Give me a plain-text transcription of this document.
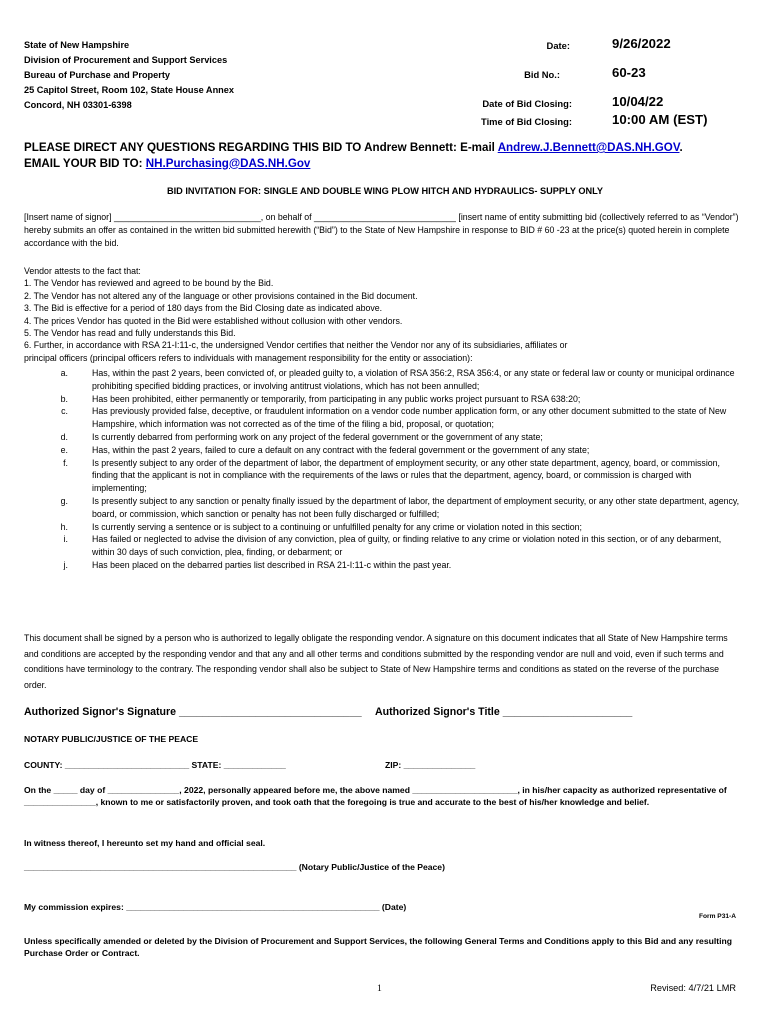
State of New Hampshire
Division of Procurement and Support Services
Bureau of Purchase and Property
25 Capitol Street, Room 102, State House Annex
Concord, NH 03301-6398
Date:	9/26/2022
Bid No.:	60-23
Date of Bid Closing:	10/04/22
Time of Bid Closing:	10:00 AM (EST)
PLEASE DIRECT ANY QUESTIONS REGARDING THIS BID TO Andrew Bennett: E-mail Andrew.J.Bennett@DAS.NH.GOV.
EMAIL YOUR BID TO: NH.Purchasing@DAS.NH.Gov
BID INVITATION FOR: SINGLE AND DOUBLE WING PLOW HITCH AND HYDRAULICS- SUPPLY ONLY
[Insert name of signor] ______________________________, on behalf of _____________________________ [insert name of entity submitting bid (collectively referred to as “Vendor”) hereby submits an offer as contained in the written bid submitted herewith (“Bid”) to the State of New Hampshire in response to BID # 60 -23 at the price(s) quoted herein in complete accordance with the bid.
Vendor attests to the fact that:
1. The Vendor has reviewed and agreed to be bound by the Bid.
2. The Vendor has not altered any of the language or other provisions contained in the Bid document.
3. The Bid is effective for a period of 180 days from the Bid Closing date as indicated above.
4. The prices Vendor has quoted in the Bid were established without collusion with other vendors.
5. The Vendor has read and fully understands this Bid.
6. Further, in accordance with RSA 21-I:11-c, the undersigned Vendor certifies that neither the Vendor nor any of its subsidiaries, affiliates or
principal officers (principal officers refers to individuals with management responsibility for the entity or association):
a.	Has, within the past 2 years, been convicted of, or pleaded guilty to, a violation of RSA 356:2, RSA 356:4, or any state or federal law or county or municipal ordinance prohibiting specified bidding practices, or involving antitrust violations, which has not been annulled;
b.	Has been prohibited, either permanently or temporarily, from participating in any public works project pursuant to RSA 638:20;
c.	Has previously provided false, deceptive, or fraudulent information on a vendor code number application form, or any other document submitted to the state of New Hampshire, which information was not corrected as of the time of the filing a bid, proposal, or quotation;
d.	Is currently debarred from performing work on any project of the federal government or the government of any state;
e.	Has, within the past 2 years, failed to cure a default on any contract with the federal government or the government of any state;
f.	Is presently subject to any order of the department of labor, the department of employment security, or any other state department, agency, board, or commission, finding that the applicant is not in compliance with the requirements of the laws or rules that the department, agency, board, or commission is charged with implementing;
g.	Is presently subject to any sanction or penalty finally issued by the department of labor, the department of employment security, or any other state department, agency, board, or commission, which sanction or penalty has not been fully discharged or fulfilled;
h.	Is currently serving a sentence or is subject to a continuing or unfulfilled penalty for any crime or violation noted in this section;
i.	Has failed or neglected to advise the division of any conviction, plea of guilty, or finding relative to any crime or violation noted in this section, or of any debarment, within 30 days of such conviction, plea, finding, or debarment; or
j.	Has been placed on the debarred parties list described in RSA 21-I:11-c within the past year.
This document shall be signed by a person who is authorized to legally obligate the responding vendor. A signature on this document indicates that all State of New Hampshire terms and conditions are accepted by the responding vendor and that any and all other terms and conditions submitted by the responding vendor are null and void, even if such terms and conditions have terminology to the contrary. The responding vendor shall also be subject to State of New Hampshire terms and conditions as stated on the reverse of the purchase order.
Authorized Signor's Signature _______________________________ Authorized Signor's Title ______________________
NOTARY PUBLIC/JUSTICE OF THE PEACE
COUNTY: __________________________ STATE: _____________	ZIP: _______________
On the _____ day of _______________, 2022, personally appeared before me, the above named ______________________, in his/her capacity as authorized representative of _______________, known to me or satisfactorily proven, and took oath that the foregoing is true and accurate to the best of his/her knowledge and belief.
In witness thereof, I hereunto set my hand and official seal.
_________________________________________________________ (Notary Public/Justice of the Peace)
My commission expires: _____________________________________________________ (Date)
Form P31-A
Unless specifically amended or deleted by the Division of Procurement and Support Services, the following General Terms and Conditions apply to this Bid and any resulting Purchase Order or Contract.
1	Revised: 4/7/21 LMR
